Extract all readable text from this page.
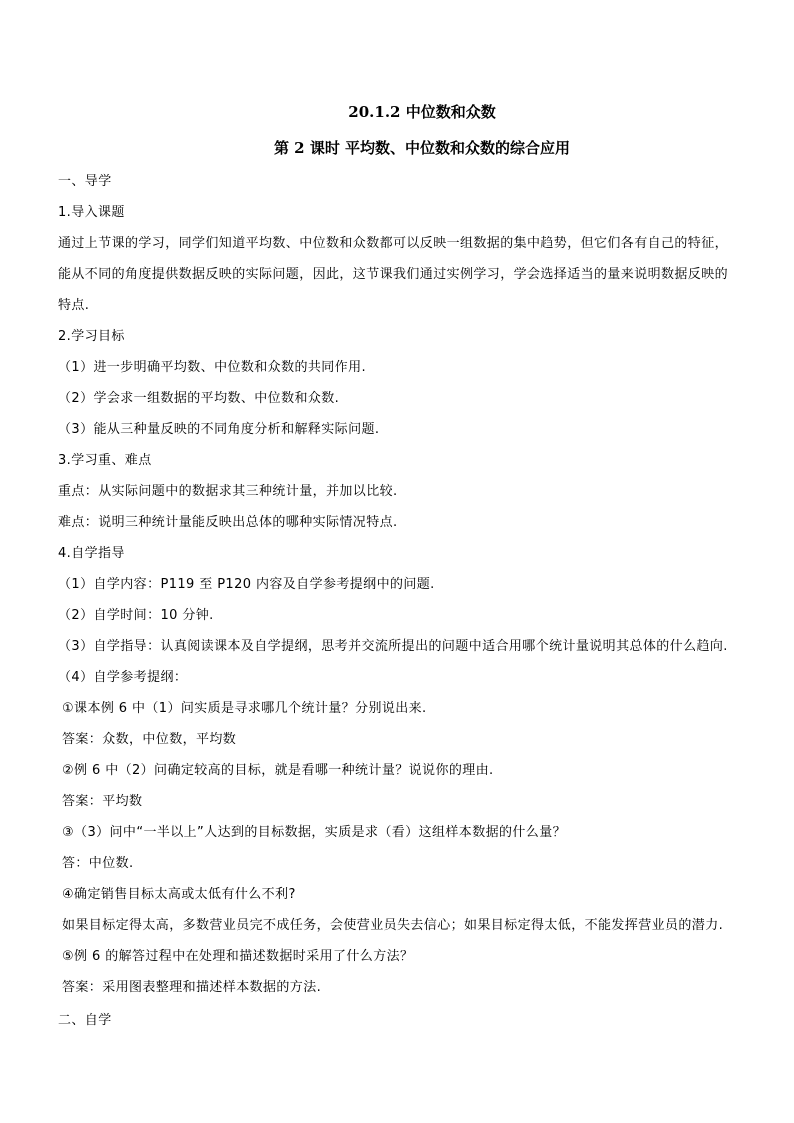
20.1.2 中位数和众数
第 2 课时 平均数、中位数和众数的综合应用
一、导学
1.导入课题
通过上节课的学习，同学们知道平均数、中位数和众数都可以反映一组数据的集中趋势，但它们各有自己的特征，
能从不同的角度提供数据反映的实际问题，因此，这节课我们通过实例学习，学会选择适当的量来说明数据反映的
特点.
2.学习目标
（1）进一步明确平均数、中位数和众数的共同作用.
（2）学会求一组数据的平均数、中位数和众数.
（3）能从三种量反映的不同角度分析和解释实际问题.
3.学习重、难点
重点：从实际问题中的数据求其三种统计量，并加以比较.
难点：说明三种统计量能反映出总体的哪种实际情况特点.
4.自学指导
（1）自学内容：P119 至 P120 内容及自学参考提纲中的问题.
（2）自学时间：10 分钟.
（3）自学指导：认真阅读课本及自学提纲，思考并交流所提出的问题中适合用哪个统计量说明其总体的什么趋向.
（4）自学参考提纲：
①课本例 6 中（1）问实质是寻求哪几个统计量？分别说出来.
答案：众数，中位数，平均数
②例 6 中（2）问确定较高的目标，就是看哪一种统计量？说说你的理由.
答案：平均数
③（3）问中“一半以上”人达到的目标数据，实质是求（看）这组样本数据的什么量？
答：中位数.
④确定销售目标太高或太低有什么不利?
如果目标定得太高，多数营业员完不成任务，会使营业员失去信心；如果目标定得太低，不能发挥营业员的潜力.
⑤例 6 的解答过程中在处理和描述数据时采用了什么方法？
答案：采用图表整理和描述样本数据的方法.
二、自学
